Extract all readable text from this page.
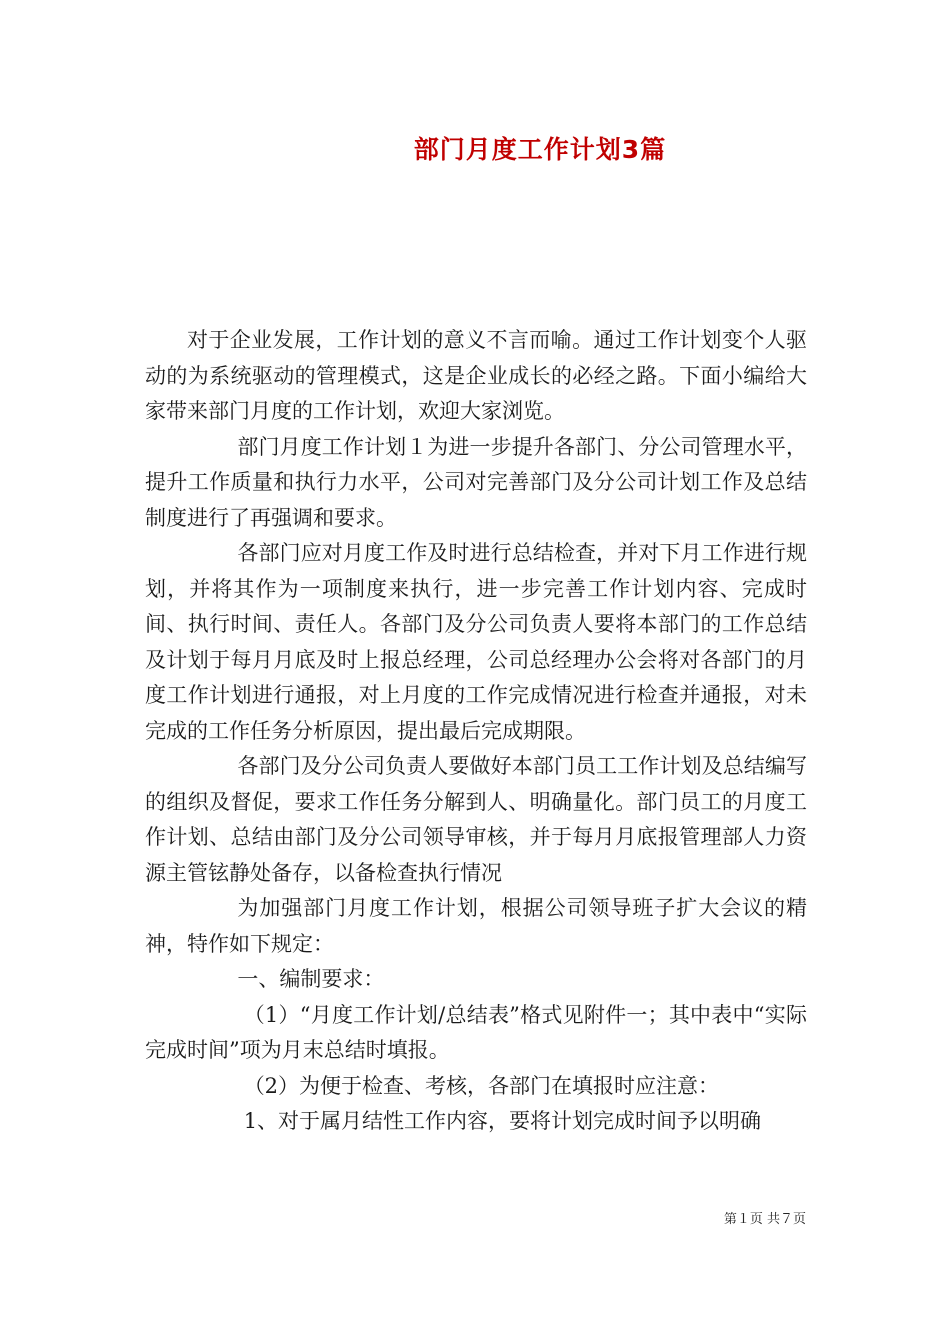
部门月度工作计划3篇

对于企业发展，工作计划的意义不言而喻。通过工作计划变个人驱动的为系统驱动的管理模式，这是企业成长的必经之路。下面小编给大家带来部门月度的工作计划，欢迎大家浏览。

部门月度工作计划１为进一步提升各部门、分公司管理水平，提升工作质量和执行力水平，公司对完善部门及分公司计划工作及总结制度进行了再强调和要求。

各部门应对月度工作及时进行总结检查，并对下月工作进行规划，并将其作为一项制度来执行，进一步完善工作计划内容、完成时间、执行时间、责任人。各部门及分公司负责人要将本部门的工作总结及计划于每月月底及时上报总经理，公司总经理办公会将对各部门的月度工作计划进行通报，对上月度的工作完成情况进行检查并通报，对未完成的工作任务分析原因，提出最后完成期限。

各部门及分公司负责人要做好本部门员工工作计划及总结编写的组织及督促，要求工作任务分解到人、明确量化。部门员工的月度工作计划、总结由部门及分公司领导审核，并于每月月底报管理部人力资源主管铉静处备存，以备检查执行情况

为加强部门月度工作计划，根据公司领导班子扩大会议的精神，特作如下规定：

一、编制要求：

（1）“月度工作计划/总结表”格式见附件一；其中表中“实际完成时间”项为月末总结时填报。

（2）为便于检查、考核，各部门在填报时应注意：

1、对于属月结性工作内容，要将计划完成时间予以明确

第１页 共７页
